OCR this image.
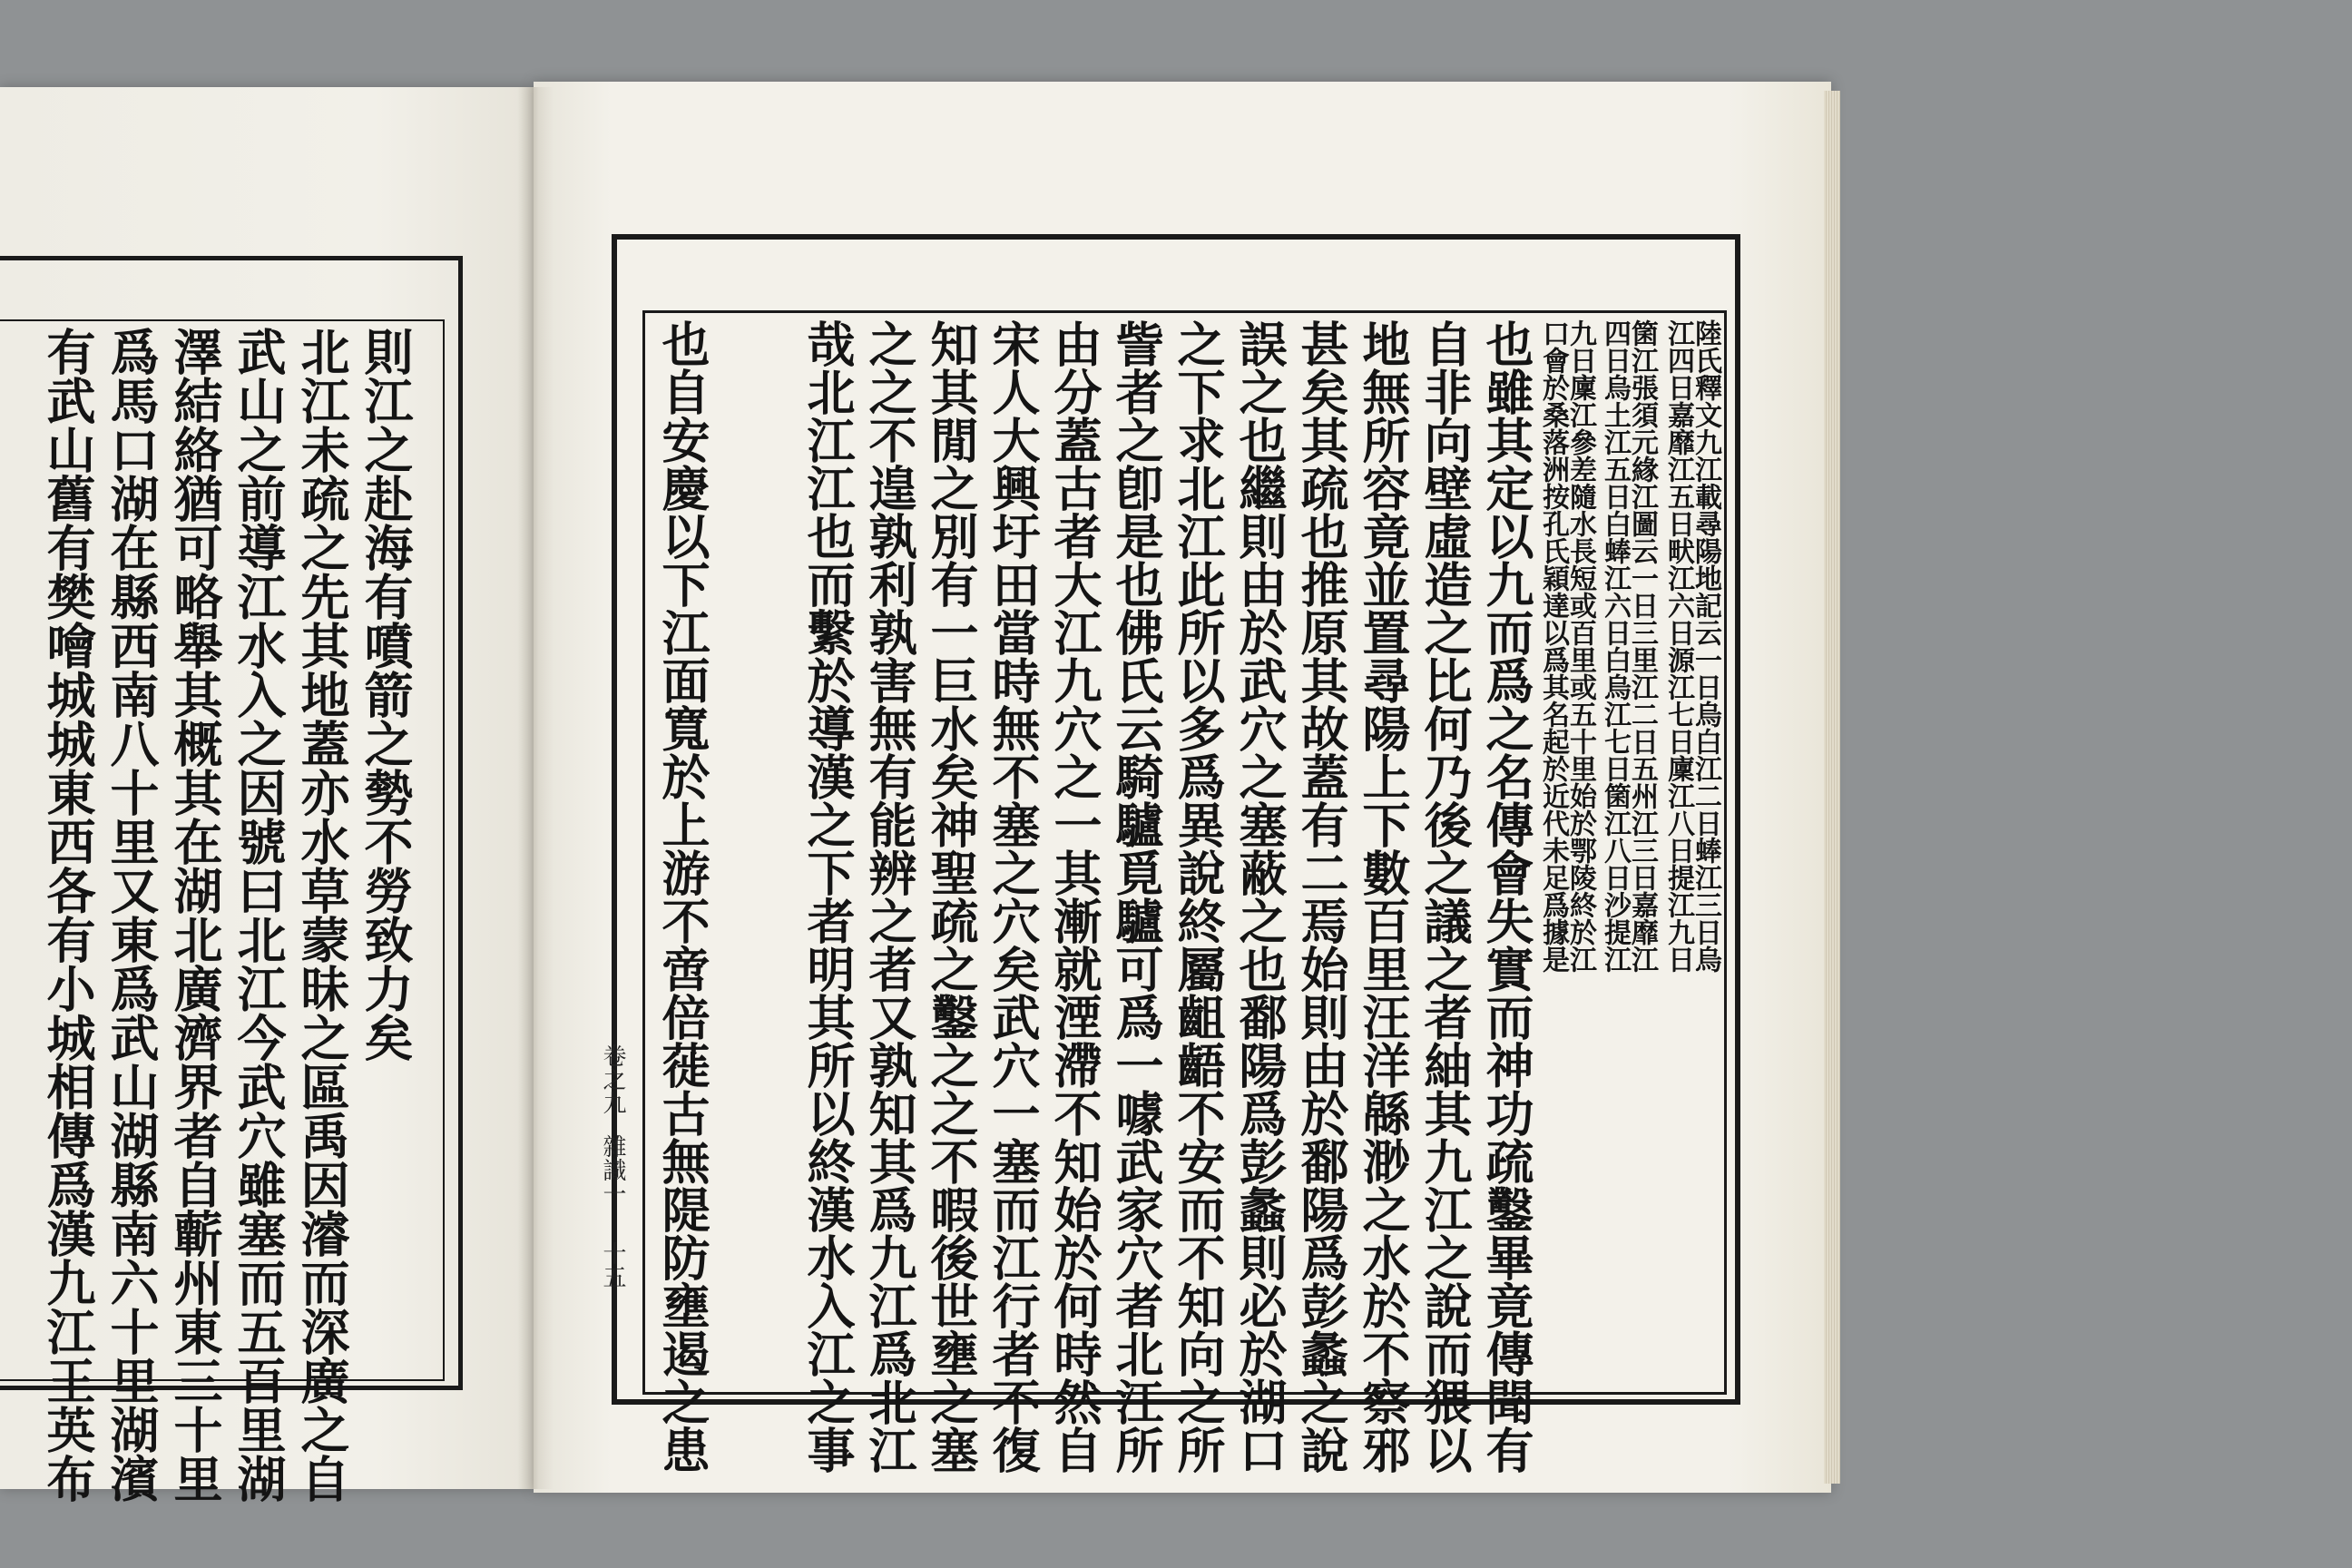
陸氏釋文九江載尋陽地記云一日烏白江二日蜯江三日烏
江四日嘉靡江五日畎江六日源江七日廩江八日提江九日
箘江張須元緣江圖云一日三里江二日五州江三日嘉靡江
四日烏土江五日白蜯江六日白烏江七日箘江八日沙提江
九日廩江參差隨水長短或百里或五十里始於鄂陵終於江
口會於桑落洲按孔氏穎達以爲其名起於近代未足爲據是
也雖其定以九而爲之名傳會失實而神功疏鑿畢竟傳聞有
自非向壁虛造之比何乃後之議之者紬其九江之說而猥以
地無所容竟並置尋陽上下數百里汪洋緜渺之水於不察邪
甚矣其疏也推原其故蓋有二焉始則由於鄱陽爲彭蠡之說
誤之也繼則由於武穴之塞蔽之也鄱陽爲彭蠡則必於湖口
之下求北江此所以多爲異說終屬齟齬不安而不知向之所
訾者之卽是也佛氏云騎驢覓驢可爲一噱武家穴者北江所
由分蓋古者大江九穴之一其漸就湮滯不知始於何時然自
宋人大興圩田當時無不塞之穴矣武穴一塞而江行者不復
知其閒之別有一巨水矣神聖疏之鑿之之不暇後世壅之塞
之之不遑孰利孰害無有能辨之者又孰知其爲九江爲北江
哉北江江也而繫於導漢之下者明其所以終漢水入江之事
也自安慶以下江面寬於上游不啻倍蓰古無隄防壅遏之患
卷之九
雜識一
十五
則江之赴海有噴箭之勢不勞致力矣
北江未疏之先其地蓋亦水草蒙昧之區禹因濬而深廣之自
武山之前導江水入之因號曰北江今武穴雖塞而五百里湖
澤結絡猶可略舉其概其在湖北廣濟界者自蘄州東三十里
爲馬口湖在縣西南八十里又東爲武山湖縣南六十里湖濱
有武山舊有樊噲城城東西各有小城相傳爲漢九江王英布
